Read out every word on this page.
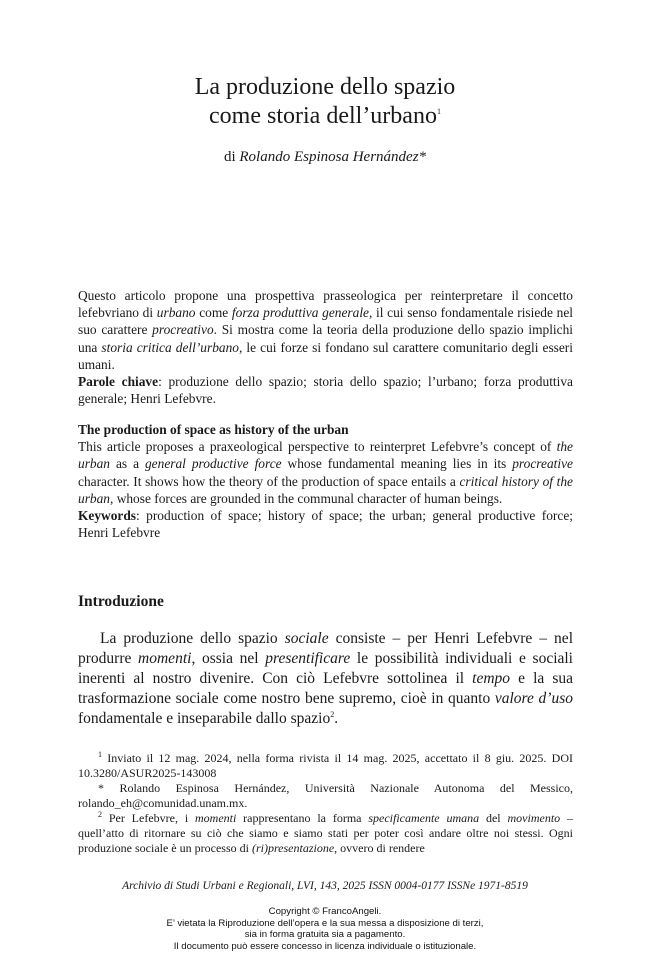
La produzione dello spazio
come storia dell’urbano$^1$
di Rolando Espinosa Hernández*
Questo articolo propone una prospettiva prasseologica per reinterpretare il concetto lefebvriano di urbano come forza produttiva generale, il cui senso fondamentale risiede nel suo carattere procreativo. Si mostra come la teoria della produzione dello spazio implichi una storia critica dell’urbano, le cui forze si fondano sul carattere comunitario degli esseri umani.
Parole chiave: produzione dello spazio; storia dello spazio; l’urbano; forza produttiva generale; Henri Lefebvre.
The production of space as history of the urban
This article proposes a praxeological perspective to reinterpret Lefebvre’s concept of the urban as a general productive force whose fundamental meaning lies in its procreative character. It shows how the theory of the production of space entails a critical history of the urban, whose forces are grounded in the communal character of human beings.
Keywords: production of space; history of space; the urban; general productive force; Henri Lefebvre
Introduzione
La produzione dello spazio sociale consiste – per Henri Lefebvre – nel produrre momenti, ossia nel presentificare le possibilità individuali e sociali inerenti al nostro divenire. Con ciò Lefebvre sottolinea il tempo e la sua trasformazione sociale come nostro bene supremo, cioè in quanto valore d’uso fondamentale e inseparabile dallo spazio$^2$.

$^1$ Inviato il 12 mag. 2024, nella forma rivista il 14 mag. 2025, accettato il 8 giu. 2025. DOI 10.3280/ASUR2025-143008

* Rolando Espinosa Hernández, Università Nazionale Autonoma del Messico, rolando_eh@comunidad.unam.mx.

$^2$ Per Lefebvre, i momenti rappresentano la forma specificamente umana del movimento – quell’atto di ritornare su ciò che siamo e siamo stati per poter così andare oltre noi stessi. Ogni produzione sociale è un processo di (ri)presentazione, ovvero di rendere

Archivio di Studi Urbani e Regionali, LVI, 143, 2025 ISSN 0004-0177 ISSNe 1971-8519
Copyright © FrancoAngeli.
E’ vietata la Riproduzione dell’opera e la sua messa a disposizione di terzi,
sia in forma gratuita sia a pagamento.
Il documento può essere concesso in licenza individuale o istituzionale.
